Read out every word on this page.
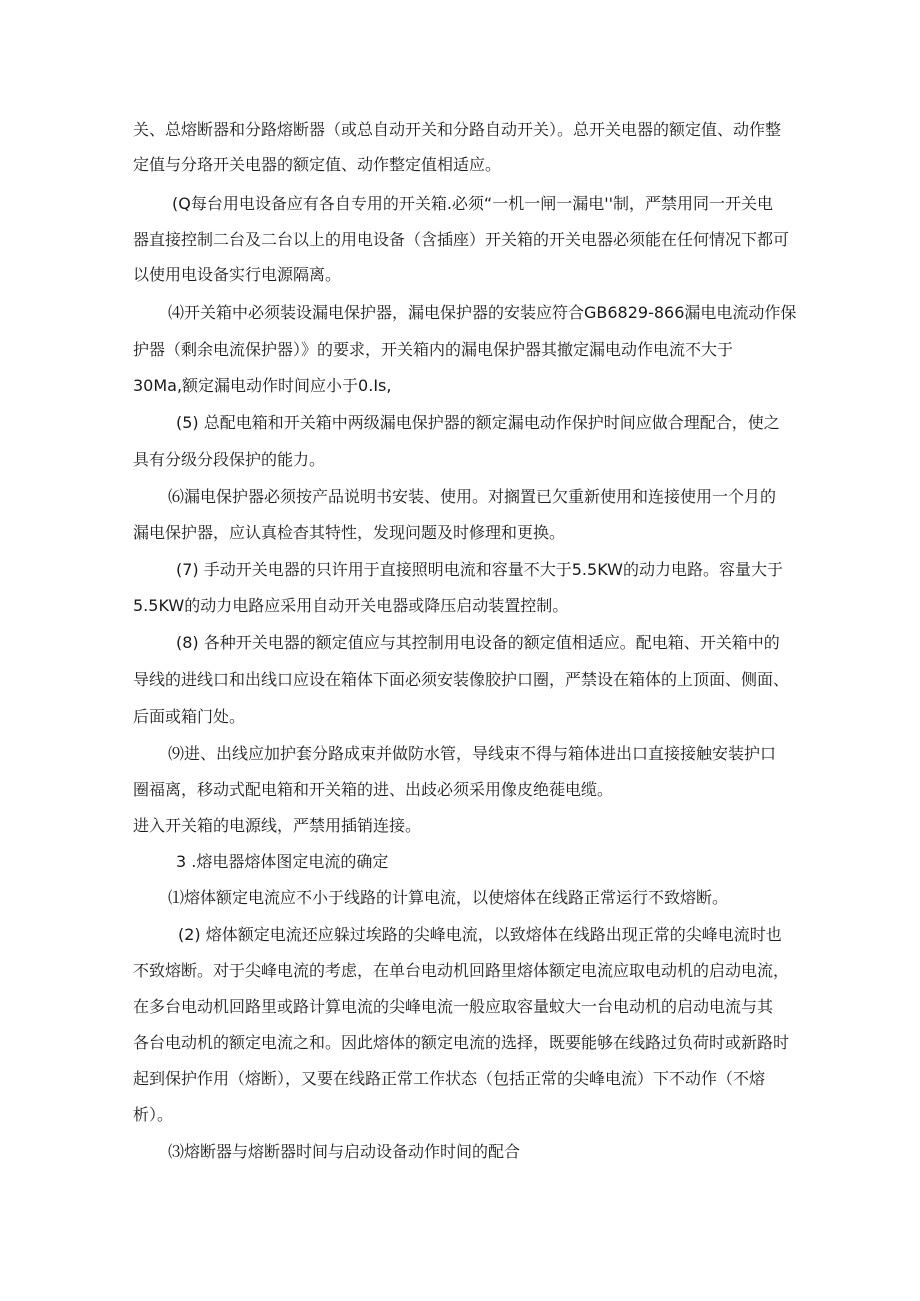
关、总熔断器和分路熔断器（或总自动开关和分路自动开关）。总开关电器的额定值、动作整
定值与分珞开关电器的额定值、动作整定值相适应。
(Q每台用电设备应有各自专用的开关箱.必须“一机一闸一漏电''制，严禁用同一开关电
器直接控制二台及二台以上的用电设备（含插座）开关箱的开关电器必须能在任何情况下都可
以使用电设备实行电源隔离。
⑷开关箱中必须装设漏电保护器，漏电保护器的安装应符合GB6829-866漏电电流动作保
护器（剩余电流保护器）》的要求，开关箱内的漏电保护器其撤定漏电动作电流不大于
30Ma,额定漏电动作时间应小于0.Is,
(5) 总配电箱和开关箱中两级漏电保护器的额定漏电动作保护时间应做合理配合，使之
具有分级分段保护的能力。
⑹漏电保护器必须按产品说明书安装、使用。对搁置已欠重新使用和连接使用一个月的
漏电保护器，应认真检杳其特性，发现问题及时修理和更换。
(7) 手动开关电器的只许用于直接照明电流和容量不大于5.5KW的动力电路。容量大于
5.5KW的动力电路应采用自动开关电器或降压启动装置控制。
(8) 各种开关电器的额定值应与其控制用电设备的额定值相适应。配电箱、开关箱中的
导线的进线口和出线口应设在箱体下面必须安装像胶护口圈，严禁设在箱体的上顶面、侧面、
后面或箱门处。
⑼进、出线应加护套分路成束并做防水管，导线束不得与箱体进出口直接接触安装护口
圈福离，移动式配电箱和开关箱的进、出歧必须采用像皮绝蓰电缆。
进入开关箱的电源线，严禁用插销连接。
3 .熔电器熔体图定电流的确定
⑴熔体额定电流应不小于线路的计算电流，以使熔体在线路正常运行不致熔断。
(2) 熔体额定电流还应躲过埃路的尖峰电流，以致熔体在线路出现正常的尖峰电流时也
不致熔断。对于尖峰电流的考虑，在单台电动机回路里熔体额定电流应取电动机的启动电流，
在多台电动机回路里或路计算电流的尖峰电流一般应取容量蚊大一台电动机的启动电流与其
各台电动机的额定电流之和。因此熔体的额定电流的选择，既要能够在线路过负荷时或新路时
起到保护作用（熔断），又要在线路正常工作状态（包括正常的尖峰电流）下不动作（不熔
析）。
⑶熔断器与熔断器时间与启动设备动作时间的配合
